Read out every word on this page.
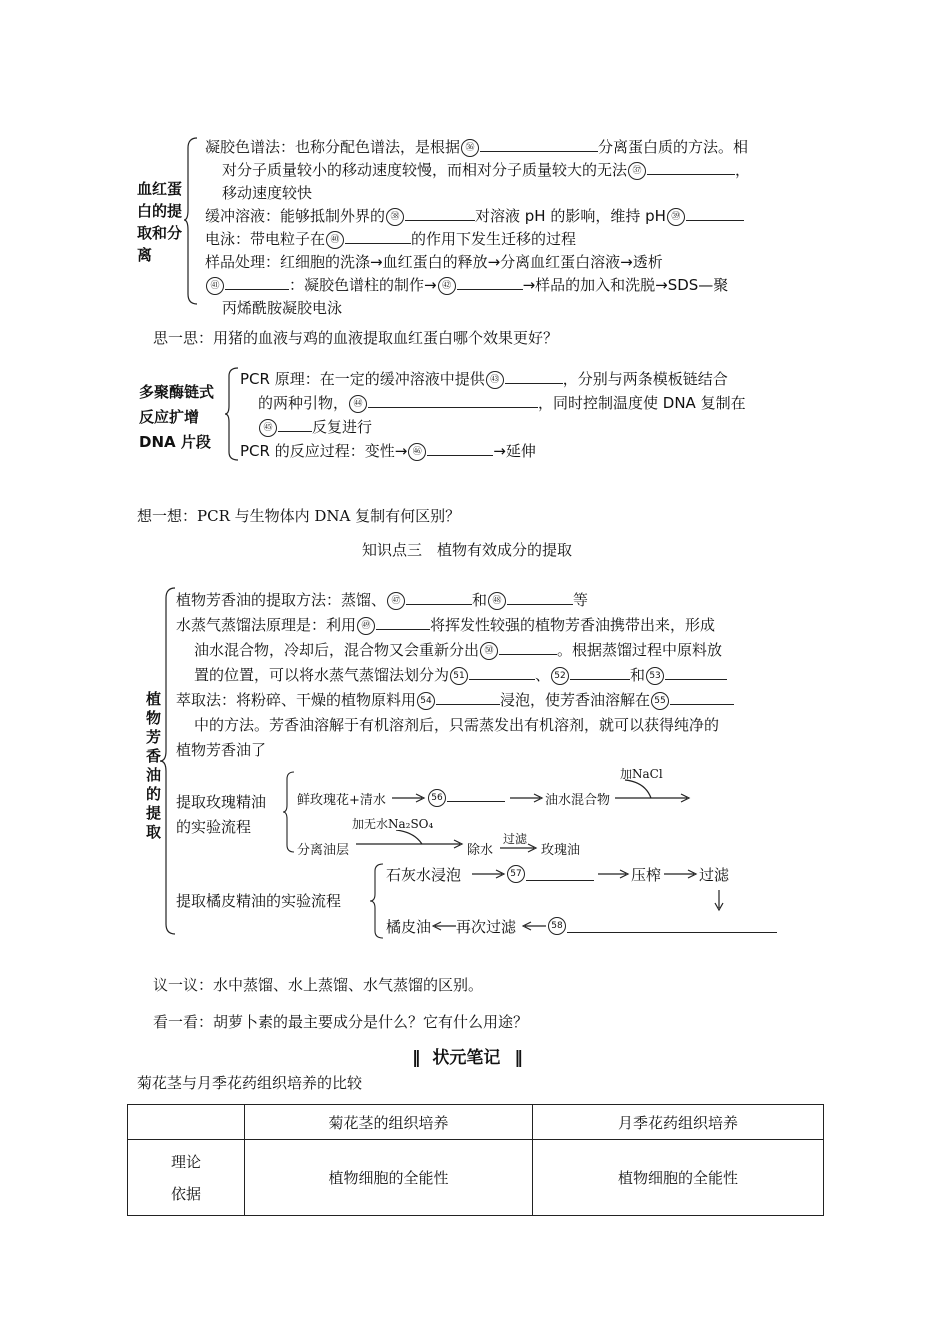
血红蛋
白的提
取和分
离
凝胶色谱法：也称分配色谱法，是根据 ㊱	分离蛋白质的方法。相
对分子质量较小的移动速度较慢，而相对分子质量较大的无法 ㊲	，
移动速度较快
缓冲溶液：能够抵制外界的 ㊳	对溶液 pH 的影响，维持 pH ㊴
电泳：带电粒子在 ㊵	的作用下发生迁移的过程
样品处理：红细胞的洗涤→血红蛋白的释放→分离血红蛋白溶液→透析
㊶	：凝胶色谱柱的制作→ ㊷	→样品的加入和洗脱→SDS—聚
丙烯酰胺凝胶电泳
思一思：用猪的血液与鸡的血液提取血红蛋白哪个效果更好？
多聚酶链式
反应扩增
DNA 片段
PCR 原理：在一定的缓冲溶液中提供 ㊸	，分别与两条模板链结合
的两种引物， ㊹	，同时控制温度使 DNA 复制在
㊺	反复进行
PCR 的反应过程：变性→ ㊻	→延伸
想一想：PCR 与生物体内 DNA 复制有何区别？
知识点三　植物有效成分的提取
植
物
芳
香
油
的
提
取
植物芳香油的提取方法：蒸馏、 ㊼	和 ㊽	等
水蒸气蒸馏法原理是：利用 ㊾	将挥发性较强的植物芳香油携带出来，形成
油水混合物，冷却后，混合物又会重新分出 ㊿	。根据蒸馏过程中原料放
置的位置，可以将水蒸气蒸馏法划分为 51	、 52	和 53
萃取法：将粉碎、干燥的植物原料用 54	浸泡，使芳香油溶解在 55
中的方法。芳香油溶解于有机溶剂后，只需蒸发出有机溶剂，就可以获得纯净的
植物芳香油了
提取玫瑰精油
的实验流程
鲜玫瑰花+清水	56	油水混合物
加NaCl
加无水Na₂SO₄
分离油层	除水
过滤
玫瑰油
提取橘皮精油的实验流程
石灰水浸泡	57	压榨	过滤
橘皮油 再次过滤	58
议一议：水中蒸馏、水上蒸馏、水气蒸馏的区别。
看一看：胡萝卜素的最主要成分是什么？它有什么用途？
‖ 状元笔记 ‖
菊花茎与月季花药组织培养的比较
	菊花茎的组织培养	月季花药组织培养

理论
依据	植物细胞的全能性	植物细胞的全能性
